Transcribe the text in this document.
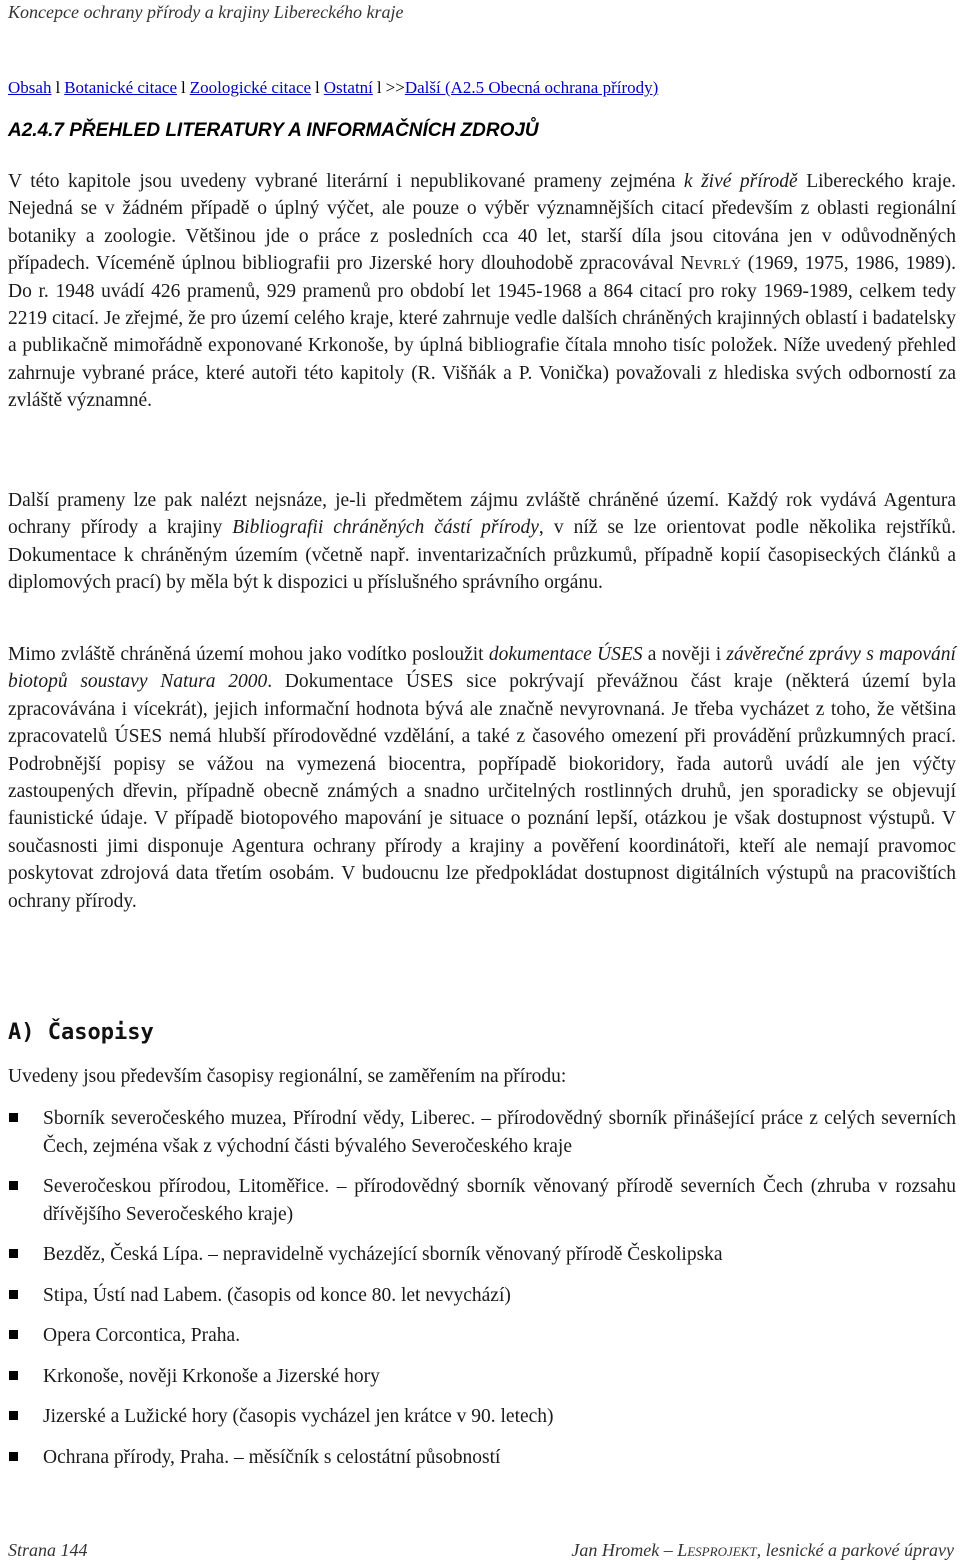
Koncepce ochrany přírody a krajiny Libereckého kraje
Obsah l Botanické citace l Zoologické citace l Ostatní l >>Další (A2.5 Obecná ochrana přírody)
A2.4.7 PŘEHLED LITERATURY A INFORMAČNÍCH ZDROJŮ

V této kapitole jsou uvedeny vybrané literární i nepublikované prameny zejména k živé přírodě Libereckého kraje. Nejedná se v žádném případě o úplný výčet, ale pouze o výběr významnějších citací především z oblasti regionální botaniky a zoologie. Většinou jde o práce z posledních cca 40 let, starší díla jsou citována jen v odůvodněných případech. Víceméně úplnou bibliografii pro Jizerské hory dlouhodobě zpracovával Nevrlý (1969, 1975, 1986, 1989). Do r. 1948 uvádí 426 pramenů, 929 pramenů pro období let 1945-1968 a 864 citací pro roky 1969-1989, celkem tedy 2219 citací. Je zřejmé, že pro území celého kraje, které zahrnuje vedle dalších chráněných krajinných oblastí i badatelsky a publikačně mimořádně exponované Krkonoše, by úplná bibliografie čítala mnoho tisíc položek. Níže uvedený přehled zahrnuje vybrané práce, které autoři této kapitoly (R. Višňák a P. Vonička) považovali z hlediska svých odborností za zvláště významné.

Další prameny lze pak nalézt nejsnáze, je-li předmětem zájmu zvláště chráněné území. Každý rok vydává Agentura ochrany přírody a krajiny Bibliografii chráněných částí přírody, v níž se lze orientovat podle několika rejstříků. Dokumentace k chráněným územím (včetně např. inventarizačních průzkumů, případně kopií časopiseckých článků a diplomových prací) by měla být k dispozici u příslušného správního orgánu.

Mimo zvláště chráněná území mohou jako vodítko posloužit dokumentace ÚSES a nověji i závěrečné zprávy s mapování biotopů soustavy Natura 2000. Dokumentace ÚSES sice pokrývají převážnou část kraje (některá území byla zpracovávána i vícekrát), jejich informační hodnota bývá ale značně nevyrovnaná. Je třeba vycházet z toho, že většina zpracovatelů ÚSES nemá hlubší přírodovědné vzdělání, a také z časového omezení při provádění průzkumných prací. Podrobnější popisy se vážou na vymezená biocentra, popřípadě biokoridory, řada autorů uvádí ale jen výčty zastoupených dřevin, případně obecně známých a snadno určitelných rostlinných druhů, jen sporadicky se objevují faunistické údaje. V případě biotopového mapování je situace o poznání lepší, otázkou je však dostupnost výstupů. V současnosti jimi disponuje Agentura ochrany přírody a krajiny a pověření koordinátoři, kteří ale nemají pravomoc poskytovat zdrojová data třetím osobám. V budoucnu lze předpokládat dostupnost digitálních výstupů na pracovištích ochrany přírody.

A) Časopisy

Uvedeny jsou především časopisy regionální, se zaměřením na přírodu:

Sborník severočeského muzea, Přírodní vědy, Liberec. – přírodovědný sborník přinášející práce z celých severních Čech, zejména však z východní části bývalého Severočeského kraje
Severočeskou přírodou, Litoměřice. – přírodovědný sborník věnovaný přírodě severních Čech (zhruba v rozsahu dřívějšího Severočeského kraje)
Bezděz, Česká Lípa. – nepravidelně vycházející sborník věnovaný přírodě Českolipska
Stipa, Ústí nad Labem. (časopis od konce 80. let nevychází)
Opera Corcontica, Praha.
Krkonoše, nověji Krkonoše a Jizerské hory
Jizerské a Lužické hory (časopis vycházel jen krátce v 90. letech)
Ochrana přírody, Praha. – měsíčník s celostátní působností
Strana 144	Jan Hromek – Lesprojekt, lesnické a parkové úpravy
